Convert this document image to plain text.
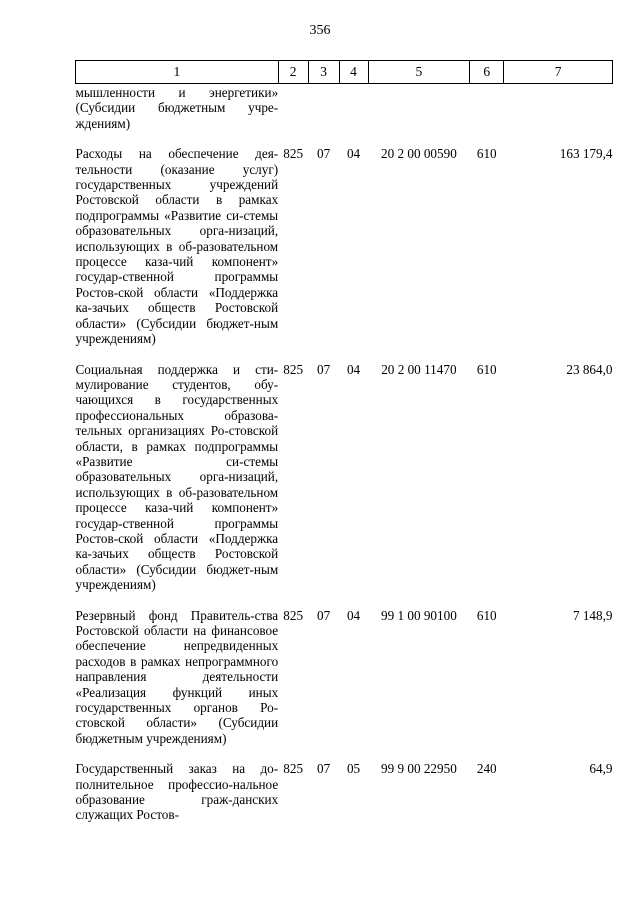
356
1	2	3	4	5	6	7
мышленности и энергетики» (Субсидии бюджетным учре-ждениям)						
Расходы на обеспечение дея-тельности (оказание услуг) государственных учреждений Ростовской области в рамках подпрограммы «Развитие си-стемы образовательных орга-низаций, использующих в об-разовательном процессе каза-чий компонент» государ-ственной программы Ростов-ской области «Поддержка ка-зачьих обществ Ростовской области» (Субсидии бюджет-ным учреждениям)	825	07	04	20 2 00 00590	610	163 179,4
Социальная поддержка и сти-мулирование студентов, обу-чающихся в государственных профессиональных образова-тельных организациях Ро-стовской области, в рамках подпрограммы «Развитие си-стемы образовательных орга-низаций, использующих в об-разовательном процессе каза-чий компонент» государ-ственной программы Ростов-ской области «Поддержка ка-зачьих обществ Ростовской области» (Субсидии бюджет-ным учреждениям)	825	07	04	20 2 00 11470	610	23 864,0
Резервный фонд Правитель-ства Ростовской области на финансовое обеспечение непредвиденных расходов в рамках непрограммного направления деятельности «Реализация функций иных государственных органов Ро-стовской области» (Субсидии бюджетным учреждениям)	825	07	04	99 1 00 90100	610	7 148,9
Государственный заказ на до-полнительное профессио-нальное образование граж-данских служащих Ростов-	825	07	05	99 9 00 22950	240	64,9
